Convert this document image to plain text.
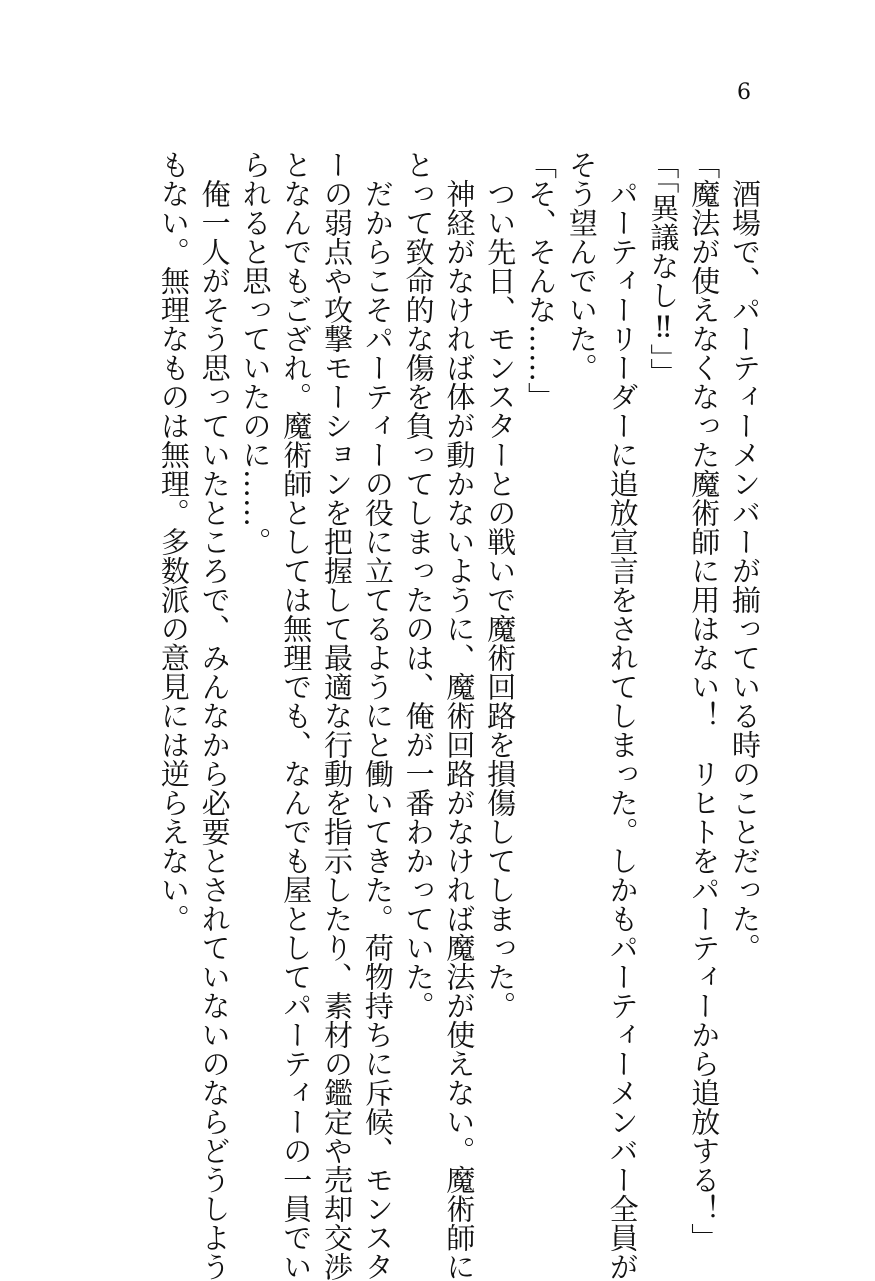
6
　酒場で、パーティーメンバーが揃っている時のことだった。
「魔法が使えなくなった魔術師に用はない！　リヒトをパーティーから追放する！」
「「異議なし‼」」
　パーティーリーダーに追放宣言をされてしまった。しかもパーティーメンバー全員が
そう望んでいた。
「そ、そんな……」
　つい先日、モンスターとの戦いで魔術回路を損傷してしまった。
　神経がなければ体が動かないように、魔術回路がなければ魔法が使えない。魔術師に
とって致命的な傷を負ってしまったのは、俺が一番わかっていた。
　だからこそパーティーの役に立てるようにと働いてきた。荷物持ちに斥候、モンスタ
ーの弱点や攻撃モーションを把握して最適な行動を指示したり、素材の鑑定や売却交渉
となんでもござれ。魔術師としては無理でも、なんでも屋としてパーティーの一員でい
られると思っていたのに……。
　俺一人がそう思っていたところで、みんなから必要とされていないのならどうしよう
もない。無理なものは無理。多数派の意見には逆らえない。
